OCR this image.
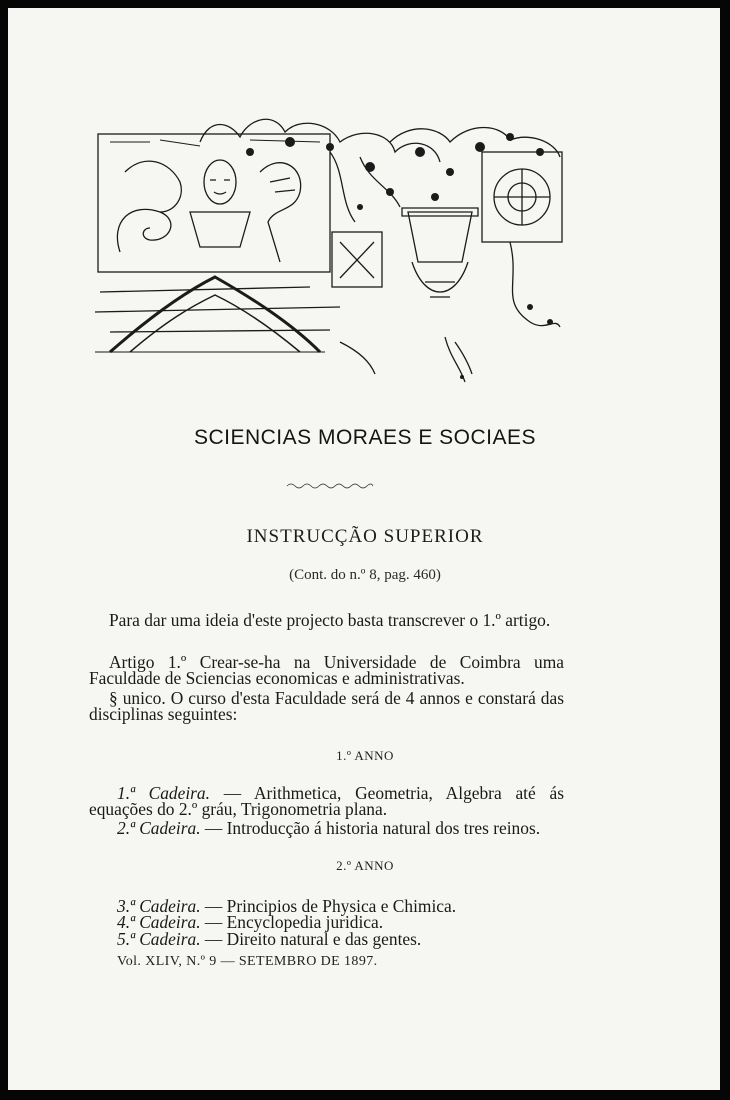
SCIENCIAS MORAES E SOCIAES
INSTRUCÇÃO SUPERIOR
(Cont. do n.º 8, pag. 460)
Para dar uma ideia d'este projecto basta transcrever o 1.º artigo.
Artigo 1.º Crear-se-ha na Universidade de Coimbra uma Faculdade de Sciencias economicas e administrativas.
§ unico. O curso d'esta Faculdade será de 4 annos e constará das disciplinas seguintes:
1.º ANNO
1.ª Cadeira. — Arithmetica, Geometria, Algebra até ás equações do 2.º gráu, Trigonometria plana.
2.ª Cadeira. — Introducção á historia natural dos tres reinos.
2.º ANNO
3.ª Cadeira. — Principios de Physica e Chimica.
4.ª Cadeira. — Encyclopedia juridica.
5.ª Cadeira. — Direito natural e das gentes.
Vol. XLIV, N.º 9 — SETEMBRO DE 1897.
